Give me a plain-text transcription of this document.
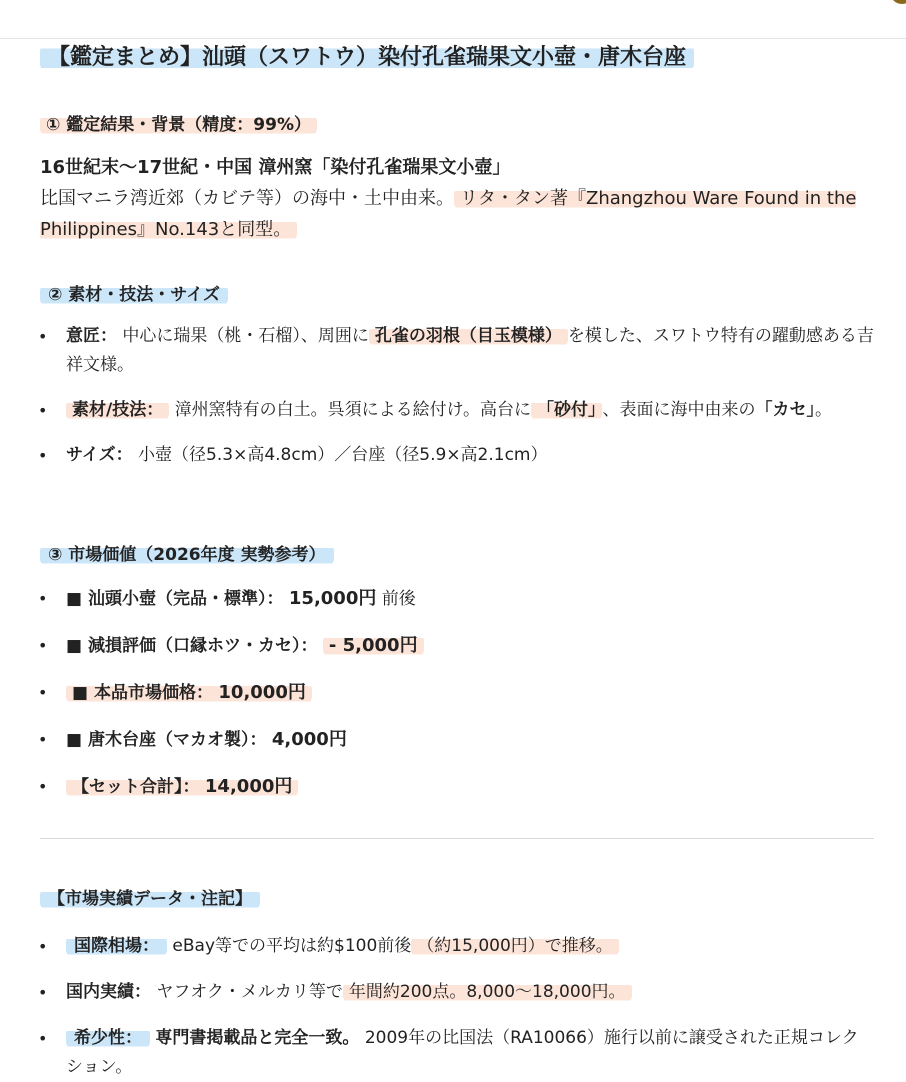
【鑑定まとめ】汕頭（スワトウ）染付孔雀瑞果文小壺・唐木台座
① 鑑定結果・背景（精度：99%）
16世紀末〜17世紀・中国 漳州窯「染付孔雀瑞果文小壺」
比国マニラ湾近郊（カビテ等）の海中・土中由来。 リタ・タン著『Zhangzhou Ware Found in the Philippines』No.143と同型。
② 素材・技法・サイズ
• 意匠： 中心に瑞果（桃・石榴）、周囲に 孔雀の羽根（目玉模様） を模した、スワトウ特有の躍動感ある吉祥文様。
• 素材/技法： 漳州窯特有の白土。呉須による絵付け。高台に 「砂付」 、表面に海中由来の「カセ」。
• サイズ： 小壺（径5.3×高4.8cm）／台座（径5.9×高2.1cm）
③ 市場価値（2026年度 実勢参考）
• ■ 汕頭小壺（完品・標準）： 15,000円 前後
• ■ 減損評価（口縁ホツ・カセ）： - 5,000円
• ■ 本品市場価格： 10,000円
• ■ 唐木台座（マカオ製）： 4,000円
• 【セット合計】： 14,000円
【市場実績データ・注記】
• 国際相場： eBay等での平均は約$100前後 （約15,000円）で推移。
• 国内実績： ヤフオク・メルカリ等で 年間約200点。8,000〜18,000円。
• 希少性： 専門書掲載品と完全一致。 2009年の比国法（RA10066）施行以前に譲受された正規コレクション。
